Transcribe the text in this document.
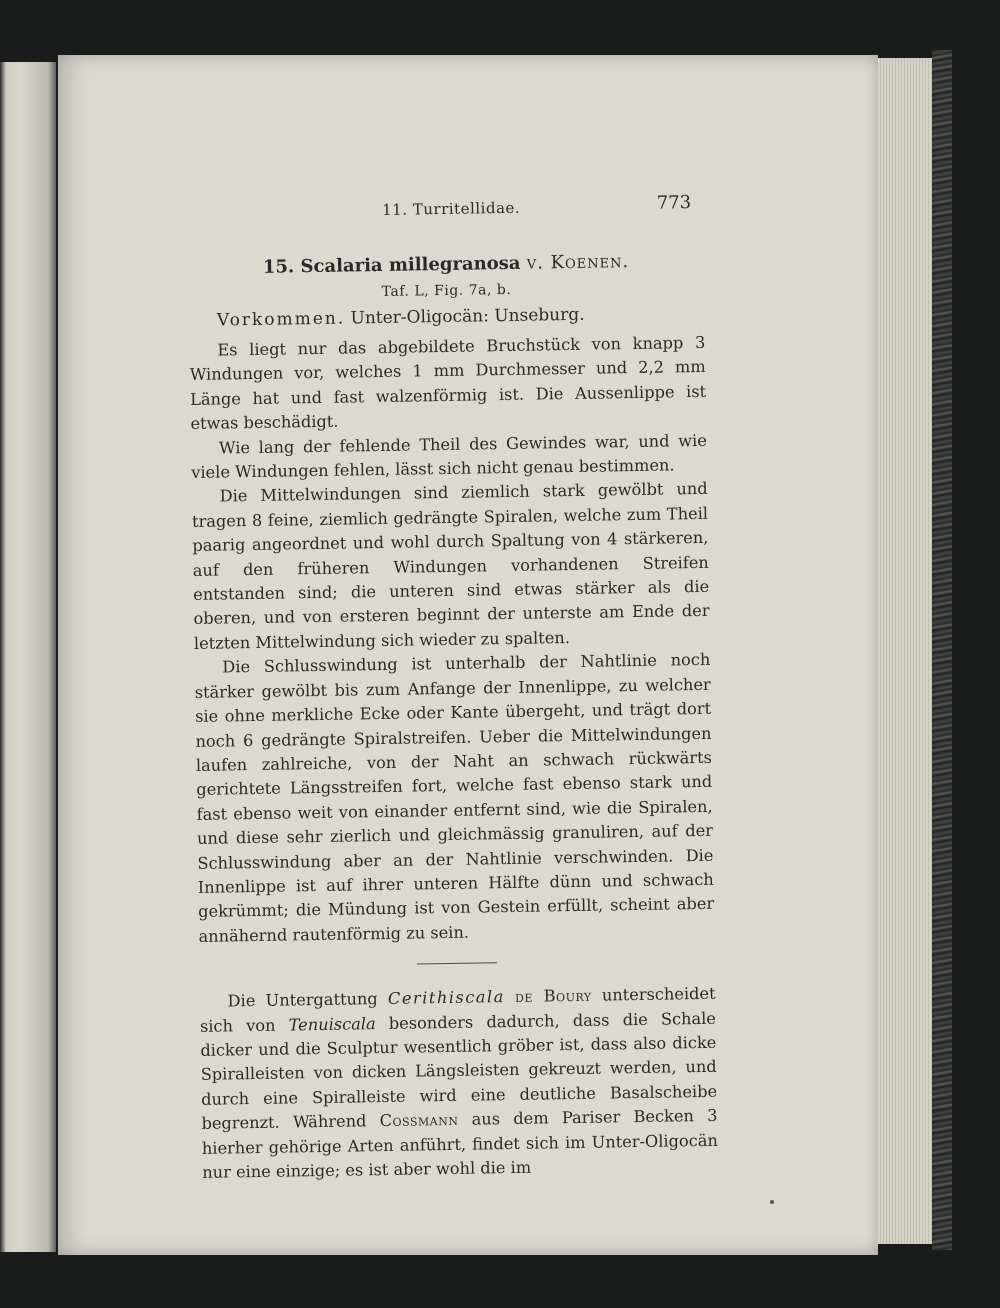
11. Turritellidae.	773
15. Scalaria millegranosa v. Koenen.
Taf. L, Fig. 7a, b.
Vorkommen. Unter-Oligocän: Unseburg.

Es liegt nur das abgebildete Bruchstück von knapp 3 Windungen vor, welches 1 mm Durchmesser und 2,2 mm Länge hat und fast walzenförmig ist. Die Aussenlippe ist etwas beschädigt.

Wie lang der fehlende Theil des Gewindes war, und wie viele Windungen fehlen, lässt sich nicht genau bestimmen.

Die Mittelwindungen sind ziemlich stark gewölbt und tragen 8 feine, ziemlich gedrängte Spiralen, welche zum Theil paarig angeordnet und wohl durch Spaltung von 4 stärkeren, auf den früheren Windungen vorhandenen Streifen entstanden sind; die unteren sind etwas stärker als die oberen, und von ersteren beginnt der unterste am Ende der letzten Mittelwindung sich wieder zu spalten.

Die Schlusswindung ist unterhalb der Nahtlinie noch stärker gewölbt bis zum Anfange der Innenlippe, zu welcher sie ohne merkliche Ecke oder Kante übergeht, und trägt dort noch 6 gedrängte Spiralstreifen. Ueber die Mittelwindungen laufen zahlreiche, von der Naht an schwach rückwärts gerichtete Längsstreifen fort, welche fast ebenso stark und fast ebenso weit von einander entfernt sind, wie die Spiralen, und diese sehr zierlich und gleichmässig granuliren, auf der Schlusswindung aber an der Nahtlinie verschwinden. Die Innenlippe ist auf ihrer unteren Hälfte dünn und schwach gekrümmt; die Mündung ist von Gestein erfüllt, scheint aber annähernd rautenförmig zu sein.

Die Untergattung Cerithiscala de Boury unterscheidet sich von Tenuiscala besonders dadurch, dass die Schale dicker und die Sculptur wesentlich gröber ist, dass also dicke Spiralleisten von dicken Längsleisten gekreuzt werden, und durch eine Spiralleiste wird eine deutliche Basalscheibe begrenzt. Während Cossmann aus dem Pariser Becken 3 hierher gehörige Arten anführt, findet sich im Unter-Oligocän nur eine einzige; es ist aber wohl die im
